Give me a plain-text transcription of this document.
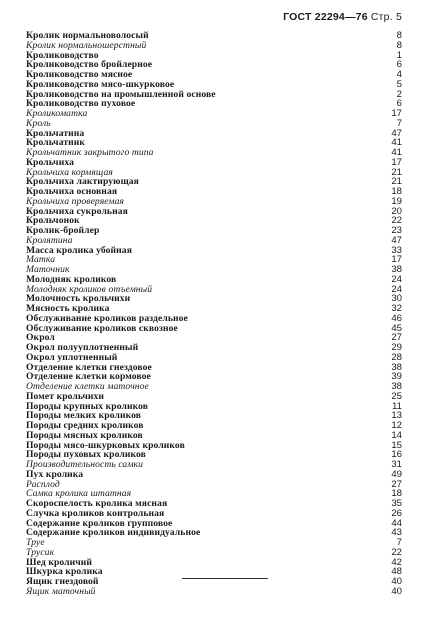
ГОСТ 22294—76 Стр. 5
Кролик нормальноволосый	8
Кролик нормальношерстный	8
Кролиководство	1
Кролиководство бройлерное	6
Кролиководство мясное	4
Кролиководство мясо-шкурковое	5
Кролиководство на промышленной основе	2
Кролиководство пуховое	6
Кроликоматка	17
Кроль	7
Крольчатина	47
Крольчатник	41
Крольчатник закрытого типа	41
Крольчиха	17
Крольчиха кормящая	21
Крольчиха лактирующая	21
Крольчиха основная	18
Крольчиха проверяемая	19
Крольчиха сукрольная	20
Крольчонок	22
Кролик-бройлер	23
Кролятина	47
Масса кролика убойная	33
Матка	17
Маточник	38
Молодняк кроликов	24
Молодняк кроликов отъемный	24
Молочность крольчихи	30
Мясность кролика	32
Обслуживание кроликов раздельное	46
Обслуживание кроликов сквозное	45
Окрол	27
Окрол полууплотненный	29
Окрол уплотненный	28
Отделение клетки гнездовое	38
Отделение клетки кормовое	39
Отделение клетки маточное	38
Помет крольчихи	25
Породы крупных кроликов	11
Породы мелких кроликов	13
Породы средних кроликов	12
Породы мясных кроликов	14
Породы мясо-шкурковых кроликов	15
Породы пуховых кроликов	16
Производительность самки	31
Пух кролика	49
Расплод	27
Самка кролика штатная	18
Скороспелость кролика мясная	35
Случка кроликов контрольная	26
Содержание кроликов групповое	44
Содержание кроликов индивидуальное	43
Труе	7
Трусик	22
Шед кроличий	42
Шкурка кролика	48
Ящик гнездовой	40
Ящик маточный	40
